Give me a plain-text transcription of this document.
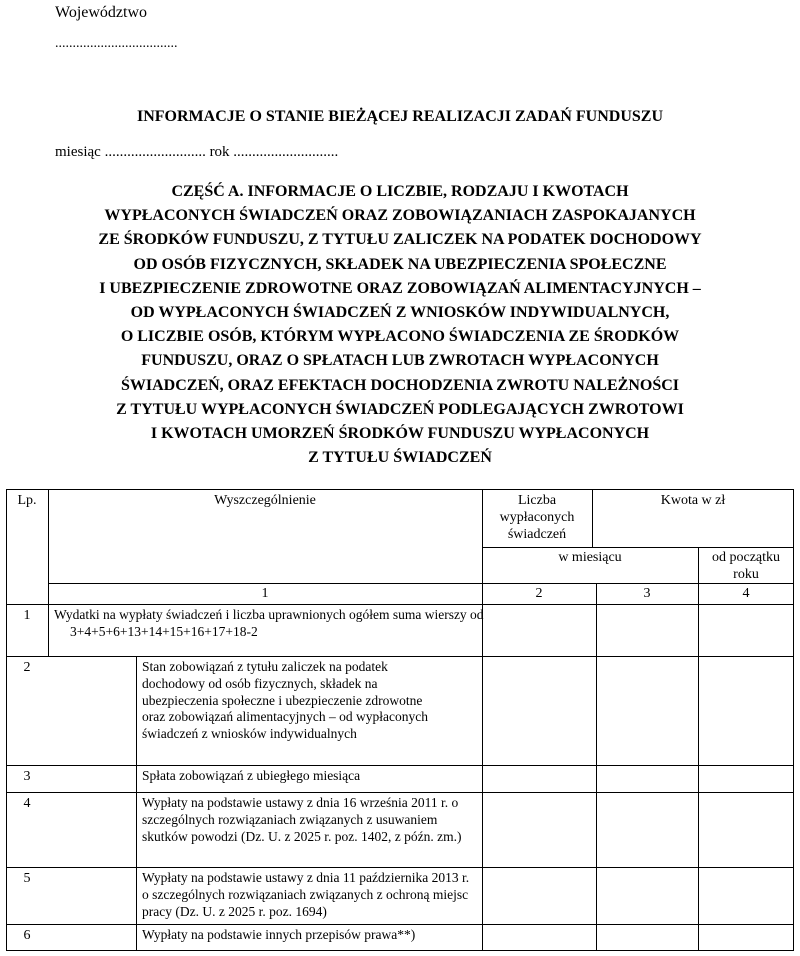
Województwo
...................................
INFORMACJE O STANIE BIEŻĄCEJ REALIZACJI ZADAŃ FUNDUSZU
miesiąc ........................... rok ............................
CZĘŚĆ A. INFORMACJE O LICZBIE, RODZAJU I KWOTACH
WYPŁACONYCH ŚWIADCZEŃ ORAZ ZOBOWIĄZANIACH ZASPOKAJANYCH
ZE ŚRODKÓW FUNDUSZU, Z TYTUŁU ZALICZEK NA PODATEK DOCHODOWY
OD OSÓB FIZYCZNYCH, SKŁADEK NA UBEZPIECZENIA SPOŁECZNE
I UBEZPIECZENIE ZDROWOTNE ORAZ ZOBOWIĄZAŃ ALIMENTACYJNYCH –
OD WYPŁACONYCH ŚWIADCZEŃ Z WNIOSKÓW INDYWIDUALNYCH,
O LICZBIE OSÓB, KTÓRYM WYPŁACONO ŚWIADCZENIA ZE ŚRODKÓW
FUNDUSZU, ORAZ O SPŁATACH LUB ZWROTACH WYPŁACONYCH
ŚWIADCZEŃ, ORAZ EFEKTACH DOCHODZENIA ZWROTU NALEŻNOŚCI
Z TYTUŁU WYPŁACONYCH ŚWIADCZEŃ PODLEGAJĄCYCH ZWROTOWI
I KWOTACH UMORZEŃ ŚRODKÓW FUNDUSZU WYPŁACONYCH
Z TYTUŁU ŚWIADCZEŃ
Lp.	Wyszczególnienie	Liczba wypłaconych świadczeń
Kwota w zł
w miesiącu	od początku roku
1	2	3	4
1	Wydatki na wypłaty świadczeń i liczba uprawnionych ogółem suma wierszy od 3+4+5+6+13+14+15+16+17+18-2
2	Stan zobowiązań z tytułu zaliczek na podatek dochodowy od osób fizycznych, składek na ubezpieczenia społeczne i ubezpieczenie zdrowotne oraz zobowiązań alimentacyjnych – od wypłaconych świadczeń z wniosków indywidualnych
3	Spłata zobowiązań z ubiegłego miesiąca
4	Wypłaty na podstawie ustawy z dnia 16 września 2011 r. o szczególnych rozwiązaniach związanych z usuwaniem skutków powodzi (Dz. U. z 2025 r. poz. 1402, z późn. zm.)
5	Wypłaty na podstawie ustawy z dnia 11 października 2013 r. o szczególnych rozwiązaniach związanych z ochroną miejsc pracy (Dz. U. z 2025 r. poz. 1694)
6	Wypłaty na podstawie innych przepisów prawa**)
